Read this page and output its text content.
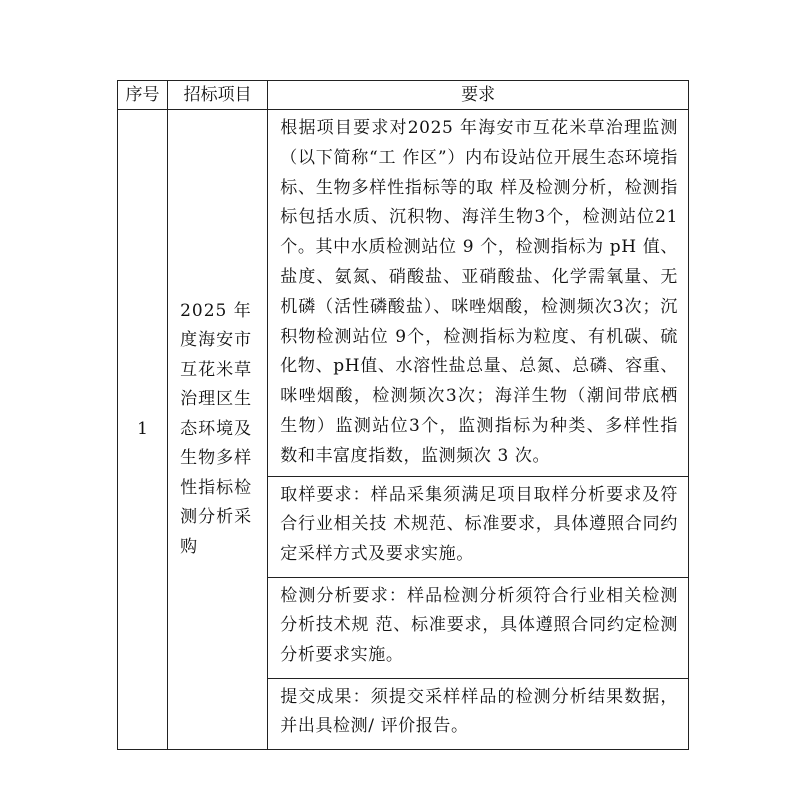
序号	招标项目	要求
1	2025 年度海安市互花米草治理区生态环境及生物多样性指标检测分析采购	根据项目要求对2025 年海安市互花米草治理监测（以下简称“工 作区”）内布设站位开展生态环境指标、生物多样性指标等的取 样及检测分析，检测指标包括水质、沉积物、海洋生物3个，检测站位21个。其中水质检测站位 9 个，检测指标为 pH 值、盐度、氨氮、硝酸盐、亚硝酸盐、化学需氧量、无机磷（活性磷酸盐）、咪唑烟酸，检测频次3次；沉积物检测站位 9个，检测指标为粒度、有机碳、硫化物、pH值、水溶性盐总量、总氮、总磷、容重、咪唑烟酸，检测频次3次；海洋生物（潮间带底栖生物）监测站位3个，监测指标为种类、多样性指数和丰富度指数，监测频次 3 次。
		取样要求：样品采集须满足项目取样分析要求及符合行业相关技 术规范、标准要求，具体遵照合同约定采样方式及要求实施。
		检测分析要求：样品检测分析须符合行业相关检测分析技术规 范、标准要求，具体遵照合同约定检测分析要求实施。
		提交成果：须提交采样样品的检测分析结果数据，并出具检测/ 评价报告。
